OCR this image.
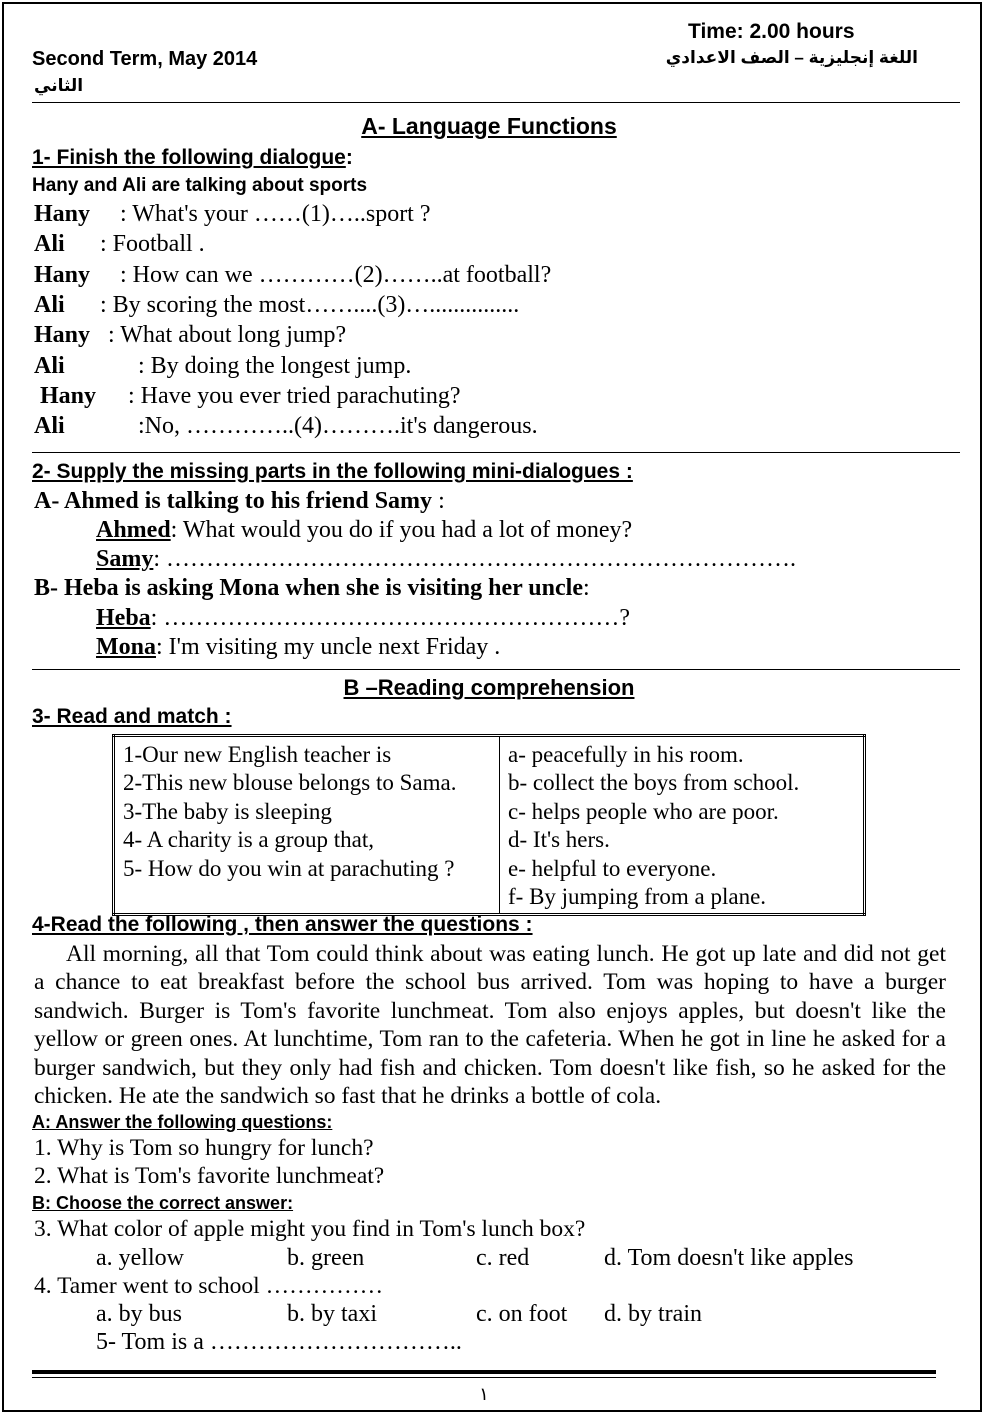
Time: 2.00 hours
Second Term, May 2014	اللغة إنجليزية – الصف الاعدادي
الثاني
A- Language Functions
1- Finish the following dialogue:
Hany and Ali are talking about sports
Hany : What's your ……(1)…..sport ?
Ali : Football .
Hany : How can we …………(2)……..at football?
Ali : By scoring the most……....(3)…...............
Hany : What about long jump?
Ali	: By doing the longest jump.
Hany : Have you ever tried parachuting?
Ali	:No, …………..(4)……….it's dangerous.
2- Supply the missing parts in the following mini-dialogues :
A- Ahmed is talking to his friend Samy :
Ahmed: What would you do if you had a lot of money?
Samy: …………………………………………………………………….
B- Heba is asking Mona when she is visiting her uncle:
Heba: …………………………………………………?
Mona: I'm visiting my uncle next Friday .
B –Reading comprehension
3- Read and match :
1-Our new English teacher is
2-This new blouse belongs to Sama.
3-The baby is sleeping
4- A charity is a group that,
5- How do you win at parachuting ?

a- peacefully in his room.
b- collect the boys from school.
c- helps people who are poor.
d- It's hers.
e- helpful to everyone.
f- By jumping from a plane.
4-Read the following , then answer the questions :
All morning, all that Tom could think about was eating lunch. He got up late and did not get a chance to eat breakfast before the school bus arrived. Tom was hoping to have a burger sandwich. Burger is Tom's favorite lunchmeat. Tom also enjoys apples, but doesn't like the yellow or green ones. At lunchtime, Tom ran to the cafeteria. When he got in line he asked for a burger sandwich, but they only had fish and chicken. Tom doesn't like fish, so he asked for the chicken. He ate the sandwich so fast that he drinks a bottle of cola.
A: Answer the following questions:
1. Why is Tom so hungry for lunch?
2. What is Tom's favorite lunchmeat?
B: Choose the correct answer:
3. What color of apple might you find in Tom's lunch box?
a. yellow	b. green	c. red	d. Tom doesn't like apples
4. Tamer went to school ……………
a. by bus	b. by taxi	c. on foot d. by train
5- Tom is a …………………………..
١
